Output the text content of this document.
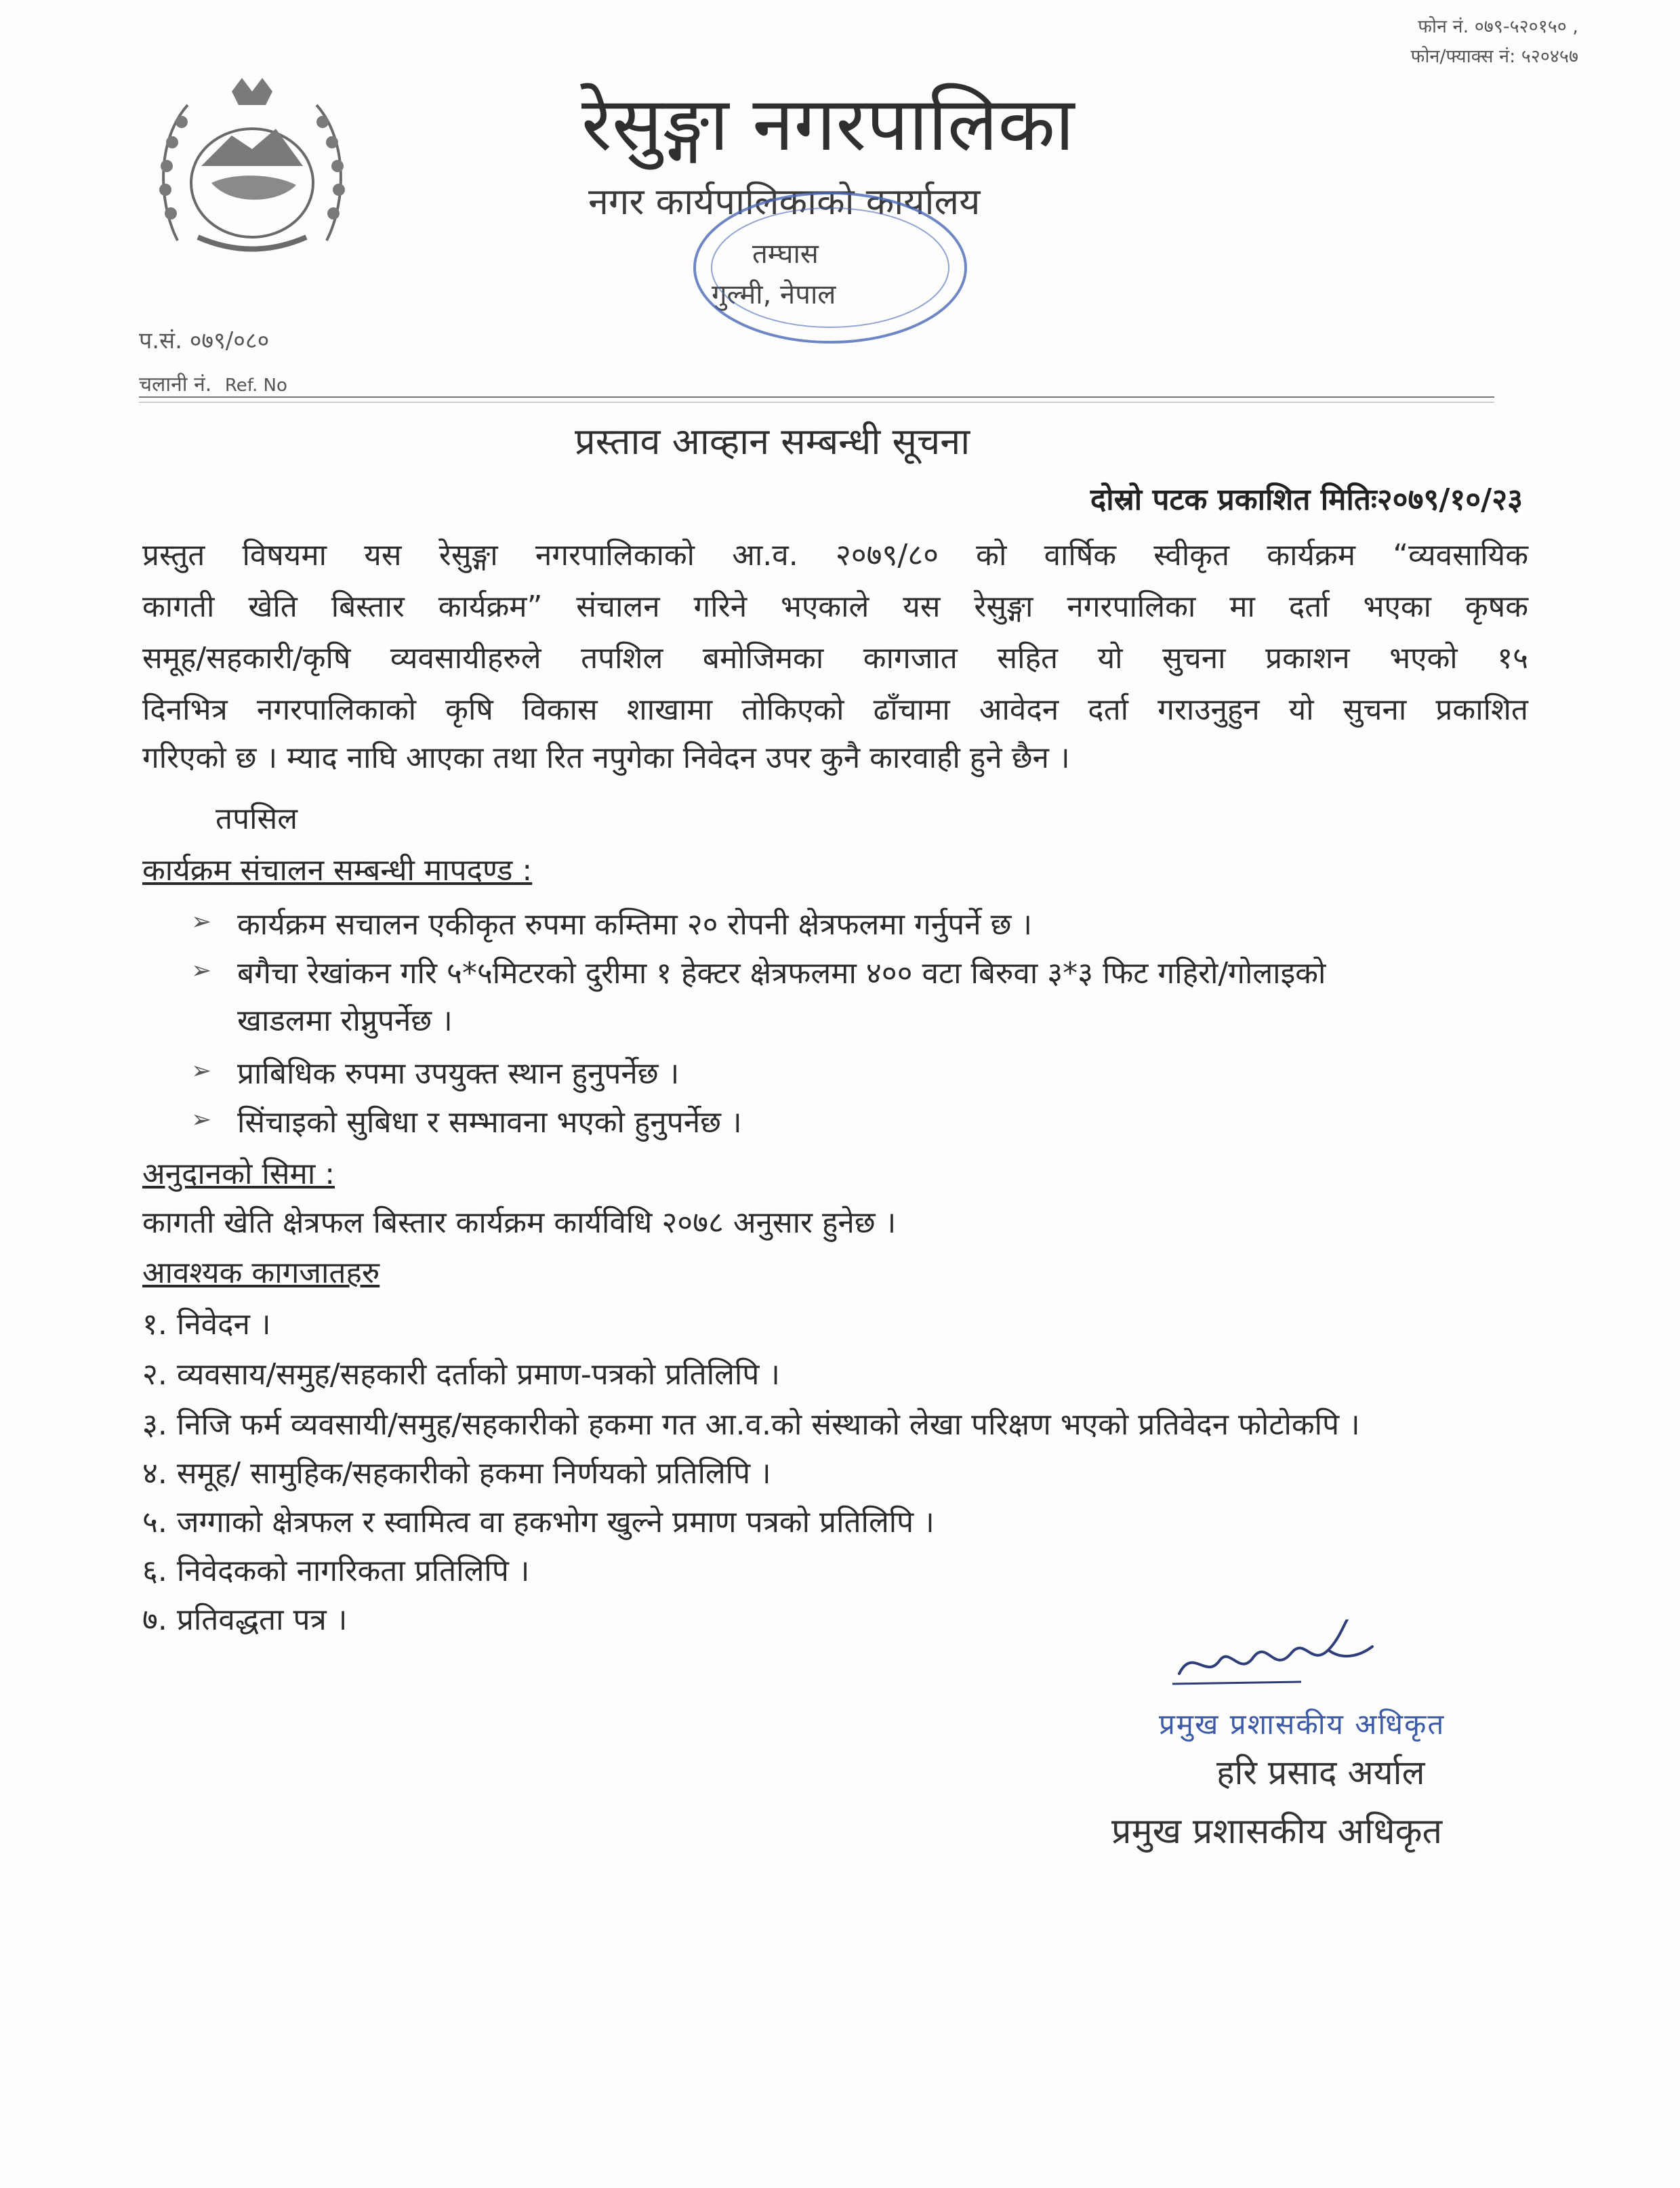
फोन नं. ०७९-५२०१५० ,
फोन/फ्याक्स नं: ५२०४५७
रेसुङ्गा नगरपालिका
नगर कार्यपालिकाको कार्यालय
तम्घास
गुल्मी, नेपाल
प.सं. ०७९/०८०
चलानी नं. Ref. No
प्रस्ताव आव्हान सम्बन्धी सूचना
दोस्रो पटक प्रकाशित मितिः२०७९/१०/२३
प्रस्तुत विषयमा यस रेसुङ्गा नगरपालिकाको आ.व. २०७९/८० को वार्षिक स्वीकृत कार्यक्रम “व्यवसायिक
कागती खेति बिस्तार कार्यक्रम” संचालन गरिने भएकाले यस रेसुङ्गा नगरपालिका मा दर्ता भएका कृषक
समूह/सहकारी/कृषि व्यवसायीहरुले तपशिल बमोजिमका कागजात सहित यो सुचना प्रकाशन भएको १५
दिनभित्र नगरपालिकाको कृषि विकास शाखामा तोकिएको ढाँचामा आवेदन दर्ता गराउनुहुन यो सुचना प्रकाशित
गरिएको छ । म्याद नाघि आएका तथा रित नपुगेका निवेदन उपर कुनै कारवाही हुने छैन ।
तपसिल
कार्यक्रम संचालन सम्बन्धी मापदण्ड :
➢ कार्यक्रम सचालन एकीकृत रुपमा कम्तिमा २० रोपनी क्षेत्रफलमा गर्नुपर्ने छ ।
➢ बगैचा रेखांकन गरि ५*५मिटरको दुरीमा १ हेक्टर क्षेत्रफलमा ४०० वटा बिरुवा ३*३ फिट गहिरो/गोलाइको
खाडलमा रोप्नुपर्नेछ ।
➢ प्राबिधिक रुपमा उपयुक्त स्थान हुनुपर्नेछ ।
➢ सिंचाइको सुबिधा र सम्भावना भएको हुनुपर्नेछ ।
अनुदानको सिमा :
कागती खेति क्षेत्रफल बिस्तार कार्यक्रम कार्यविधि २०७८ अनुसार हुनेछ ।
आवश्यक कागजातहरु
१. निवेदन ।
२. व्यवसाय/समुह/सहकारी दर्ताको प्रमाण-पत्रको प्रतिलिपि ।
३. निजि फर्म व्यवसायी/समुह/सहकारीको हकमा गत आ.व.को संस्थाको लेखा परिक्षण भएको प्रतिवेदन फोटोकपि ।
४. समूह/ सामुहिक/सहकारीको हकमा निर्णयको प्रतिलिपि ।
५. जग्गाको क्षेत्रफल र स्वामित्व वा हकभोग खुल्ने प्रमाण पत्रको प्रतिलिपि ।
६. निवेदकको नागरिकता प्रतिलिपि ।
७. प्रतिवद्धता पत्र ।
प्रमुख प्रशासकीय अधिकृत
हरि प्रसाद अर्याल
प्रमुख प्रशासकीय अधिकृत
